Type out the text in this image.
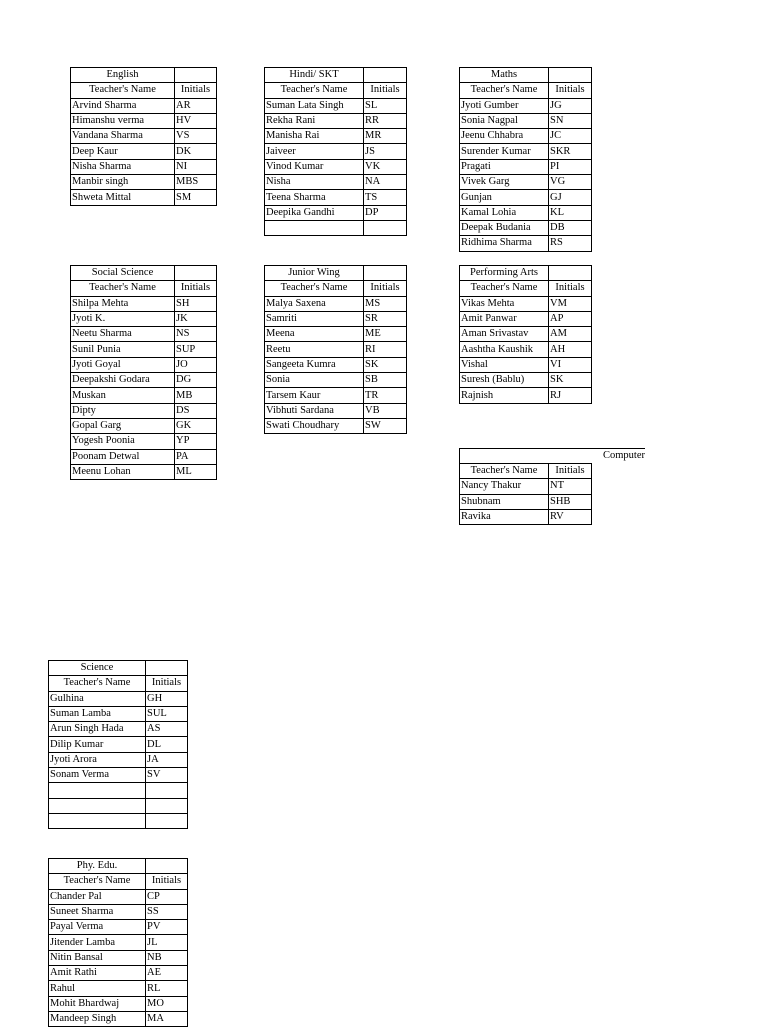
English	
Teacher's Name	Initials
Arvind Sharma	AR
Himanshu verma	HV
Vandana Sharma	VS
Deep Kaur	DK
Nisha Sharma	NI
Manbir singh	MBS
Shweta Mittal	SM
Hindi/ SKT	
Teacher's Name	Initials
Suman Lata Singh	SL
Rekha Rani	RR
Manisha Rai	MR
Jaiveer	JS
Vinod Kumar	VK
Nisha	NA
Teena Sharma	TS
Deepika Gandhi	DP

Maths	
Teacher's Name	Initials
Jyoti Gumber	JG
Sonia Nagpal	SN
Jeenu Chhabra	JC
Surender Kumar	SKR
Pragati	PI
Vivek Garg	VG
Gunjan	GJ
Kamal Lohia	KL
Deepak Budania	DB
Ridhima Sharma	RS
Social Science	
Teacher's Name	Initials
Shilpa Mehta	SH
Jyoti K.	JK
Neetu Sharma	NS
Sunil Punia	SUP
Jyoti Goyal	JO
Deepakshi Godara	DG
Muskan	MB
Dipty	DS
Gopal Garg	GK
Yogesh Poonia	YP
Poonam Detwal	PA
Meenu Lohan	ML
Junior Wing	
Teacher's Name	Initials
Malya Saxena	MS
Samriti	SR
Meena	ME
Reetu	RI
Sangeeta Kumra	SK
Sonia	SB
Tarsem Kaur	TR
Vibhuti Sardana	VB
Swati Choudhary	SW
Performing Arts	
Teacher's Name	Initials
Vikas Mehta	VM
Amit Panwar	AP
Aman Srivastav	AM
Aashtha Kaushik	AH
Vishal	VI
Suresh (Bablu)	SK
Rajnish	RJ
Computer
Teacher's Name	Initials
Nancy Thakur	NT
Shubnam	SHB
Ravika	RV
Science	
Teacher's Name	Initials
Gulhina	GH
Suman Lamba	SUL
Arun Singh Hada	AS
Dilip Kumar	DL
Jyoti Arora	JA
Sonam Verma	SV

Phy. Edu.	
Teacher's Name	Initials
Chander Pal	CP
Suneet Sharma	SS
Payal Verma	PV
Jitender Lamba	JL
Nitin Bansal	NB
Amit Rathi	AE
Rahul	RL
Mohit Bhardwaj	MO
Mandeep Singh	MA
